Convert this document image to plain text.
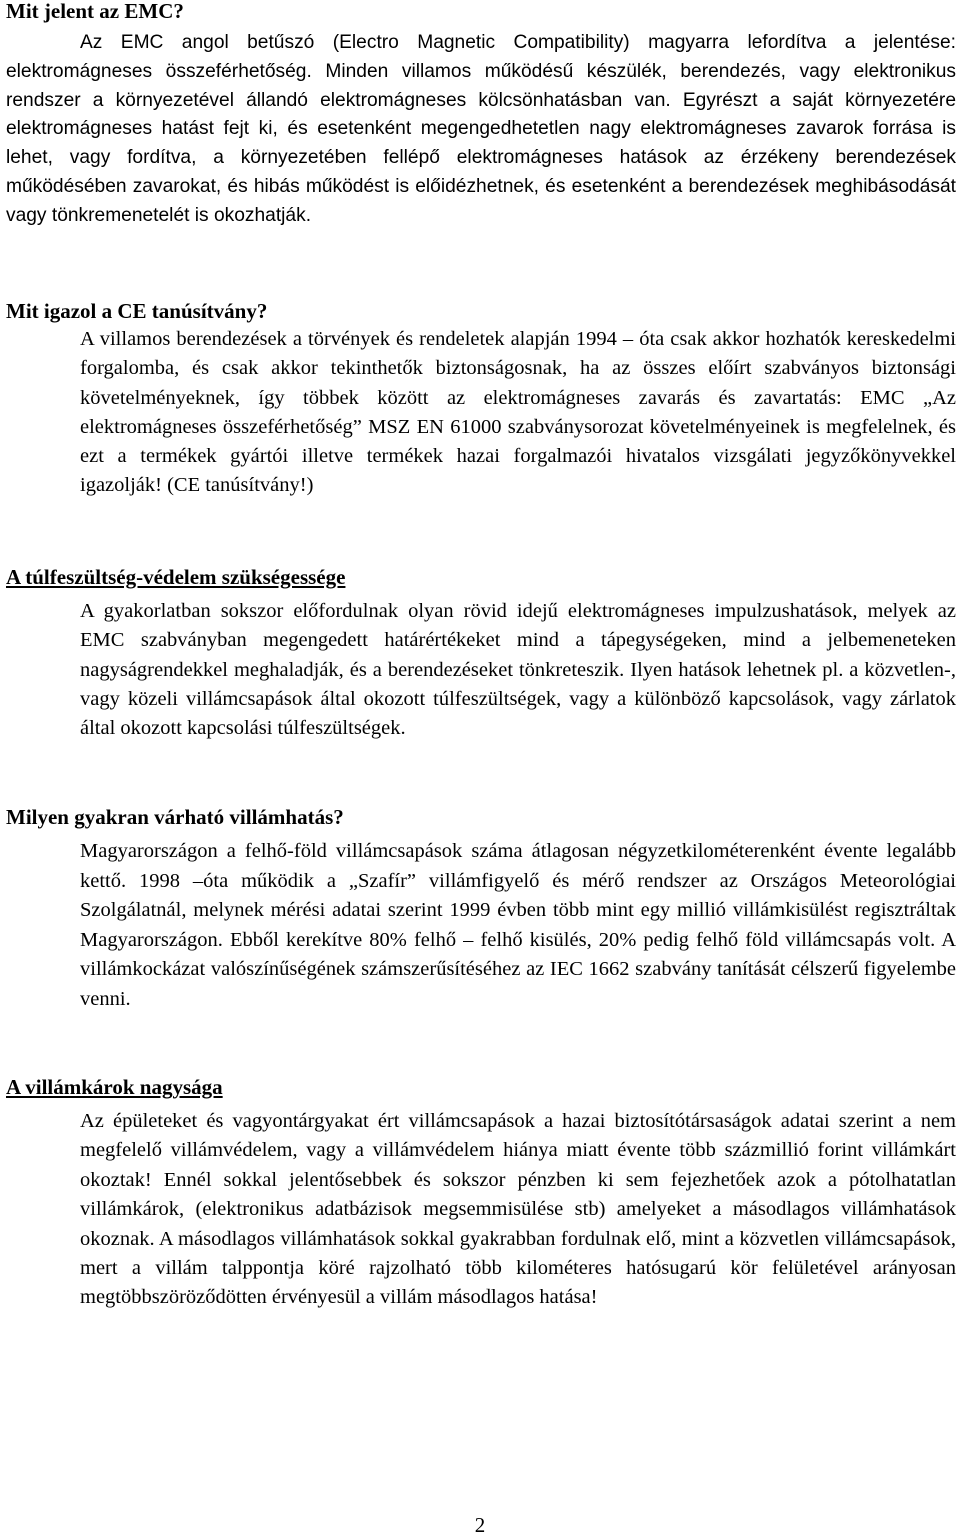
Mit jelent az EMC?

Az EMC angol betűszó (Electro Magnetic Compatibility) magyarra lefordítva a jelentése: elektromágneses összeférhetőség. Minden villamos működésű készülék, berendezés, vagy elektronikus rendszer a környezetével állandó elektromágneses kölcsönhatásban van. Egyrészt a saját környezetére elektromágneses hatást fejt ki, és esetenként megengedhetetlen nagy elektromágneses zavarok forrása is lehet, vagy fordítva, a környezetében fellépő elektromágneses hatások az érzékeny berendezések működésében zavarokat, és hibás működést is előidézhetnek, és esetenként a berendezések meghibásodását vagy tönkremenetelét is okozhatják.

Mit igazol a CE tanúsítvány?

A villamos berendezések a törvények és rendeletek alapján 1994 – óta csak akkor hozhatók kereskedelmi forgalomba, és csak akkor tekinthetők biztonságosnak, ha az összes előírt szabványos biztonsági követelményeknek, így többek között az elektromágneses zavarás és zavartatás: EMC „Az elektromágneses összeférhetőség” MSZ EN 61000 szabványsorozat követelményeinek is megfelelnek, és ezt a termékek gyártói illetve termékek hazai forgalmazói hivatalos vizsgálati jegyzőkönyvekkel igazolják! (CE tanúsítvány!)

A túlfeszültség-védelem szükségessége

A gyakorlatban sokszor előfordulnak olyan rövid idejű elektromágneses impulzushatások, melyek az EMC szabványban megengedett határértékeket mind a tápegységeken, mind a jelbemeneteken nagyságrendekkel meghaladják, és a berendezéseket tönkreteszik. Ilyen hatások lehetnek pl. a közvetlen-, vagy közeli villámcsapások által okozott túlfeszültségek, vagy a különböző kapcsolások, vagy zárlatok által okozott kapcsolási túlfeszültségek.

Milyen gyakran várható villámhatás?

Magyarországon a felhő-föld villámcsapások száma átlagosan négyzetkilométerenként évente legalább kettő. 1998 –óta működik a „Szafír” villámfigyelő és mérő rendszer az Országos Meteorológiai Szolgálatnál, melynek mérési adatai szerint 1999 évben több mint egy millió villámkisülést regisztráltak Magyarországon. Ebből kerekítve 80% felhő – felhő kisülés, 20% pedig felhő föld villámcsapás volt. A villámkockázat valószínűségének számszerűsítéséhez az IEC 1662 szabvány tanítását célszerű figyelembe venni.

A villámkárok nagysága

Az épületeket és vagyontárgyakat ért villámcsapások a hazai biztosítótársaságok adatai szerint a nem megfelelő villámvédelem, vagy a villámvédelem hiánya miatt évente több százmillió forint villámkárt okoztak! Ennél sokkal jelentősebbek és sokszor pénzben ki sem fejezhetőek azok a pótolhatatlan villámkárok, (elektronikus adatbázisok megsemmisülése stb) amelyeket a másodlagos villámhatások okoznak. A másodlagos villámhatások sokkal gyakrabban fordulnak elő, mint a közvetlen villámcsapások, mert a villám talppontja köré rajzolható több kilométeres hatósugarú kör felületével arányosan megtöbbszöröződötten érvényesül a villám másodlagos hatása!

2
